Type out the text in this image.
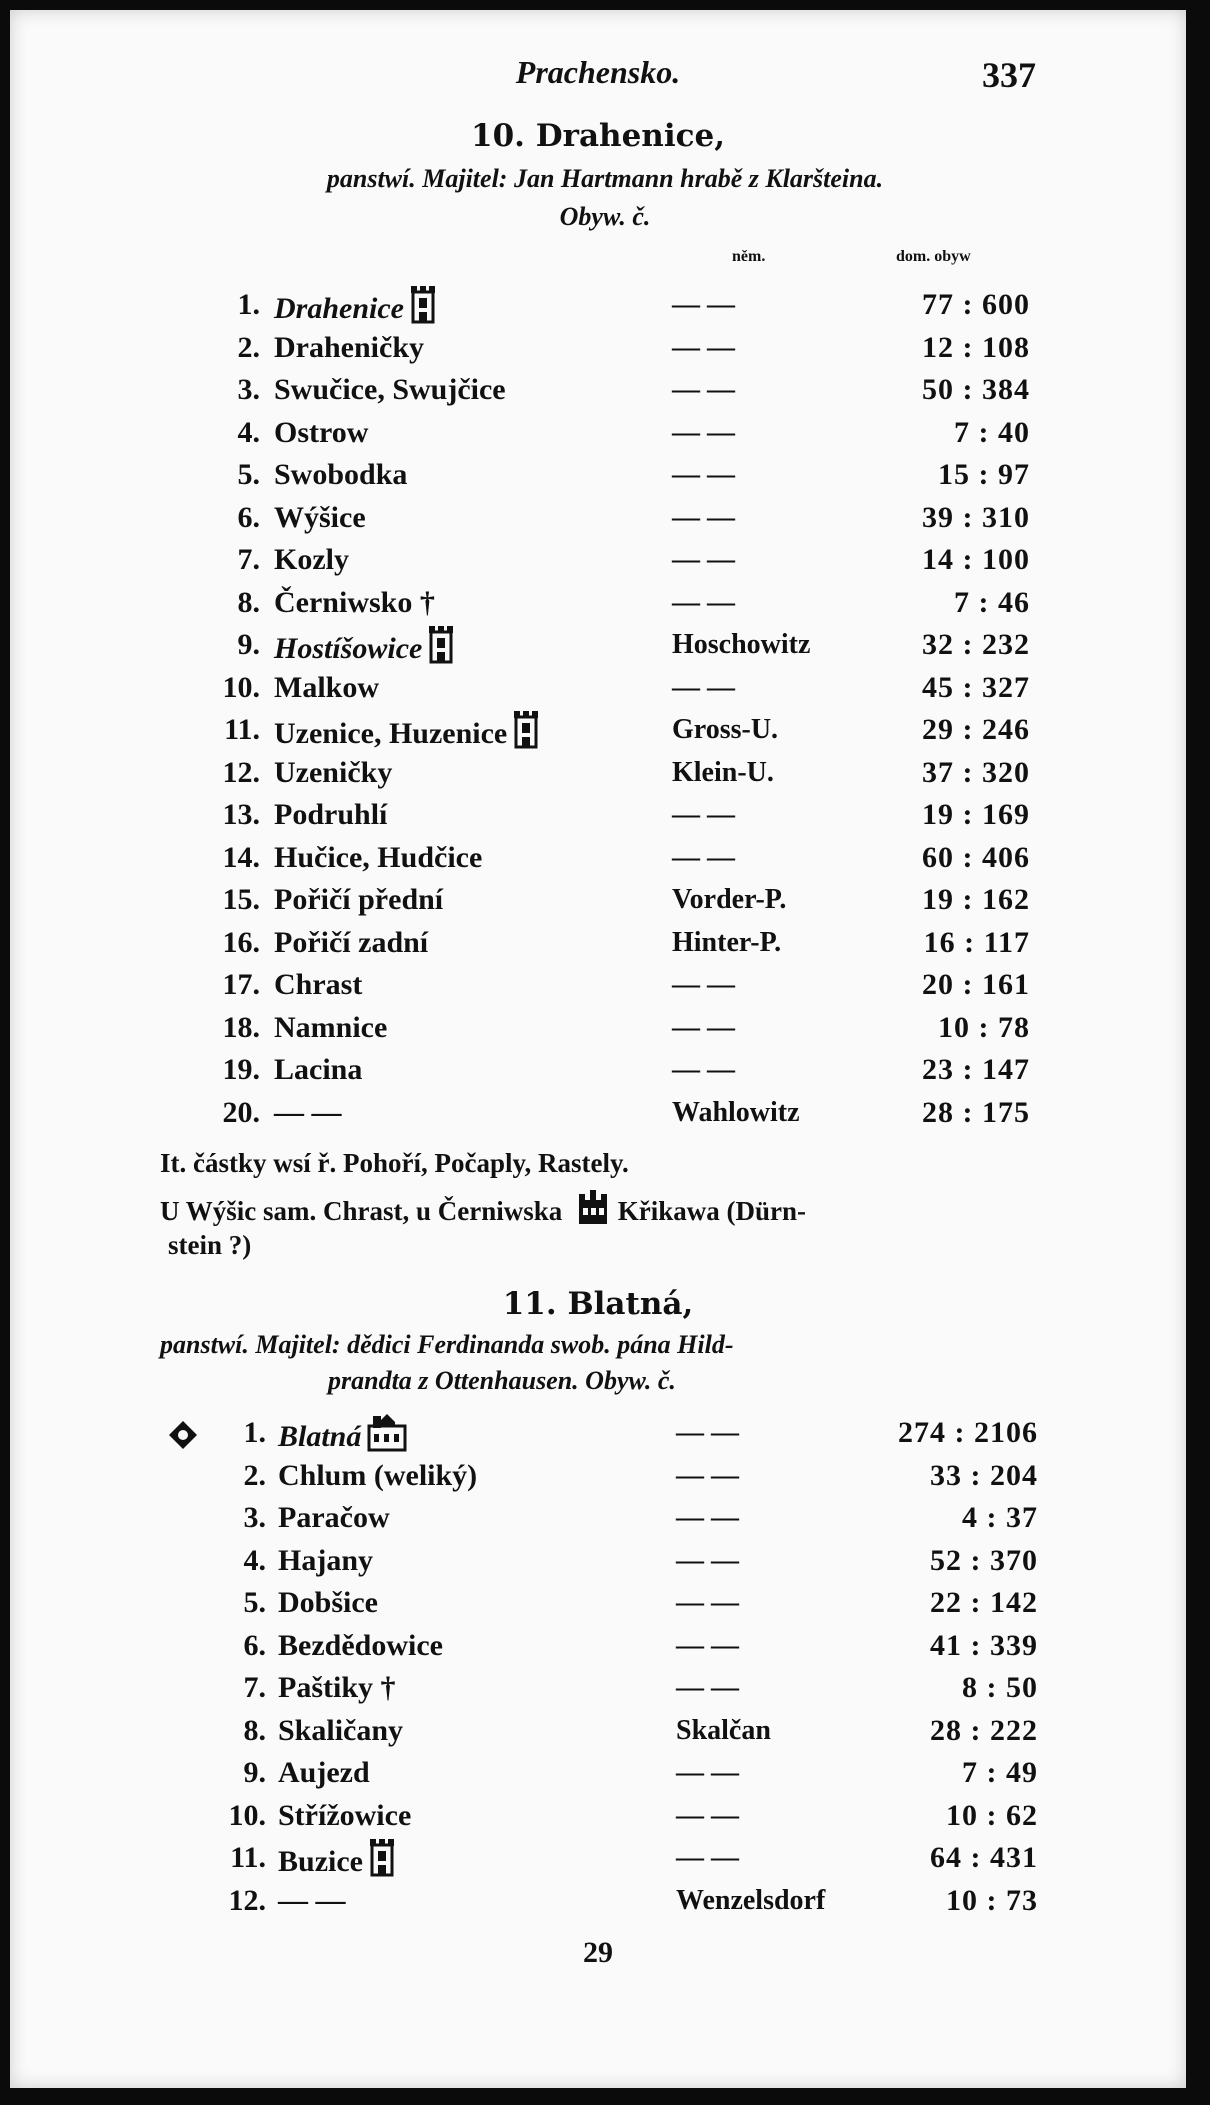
Prachensko.	337
10. Drahenice,
panstwí. Majitel: Jan Hartmann hrabě z Klaršteina.
Obyw. č.
něm.	dom. obyw
1. Drahenice	— —	77 : 600
2. Draheničky	— —	12 : 108
3. Swučice, Swujčice	— —	50 : 384
4. Ostrow	— —	7 : 40
5. Swobodka	— —	15 : 97
6. Wýšice	— —	39 : 310
7. Kozly	— —	14 : 100
8. Černiwsko †	— —	7 : 46
9. Hostíšowice	Hoschowitz	32 : 232
10. Malkow	— —	45 : 327
11. Uzenice, Huzenice	Gross-U.	29 : 246
12. Uzeničky	Klein-U.	37 : 320
13. Podruhlí	— —	19 : 169
14. Hučice, Hudčice	— —	60 : 406
15. Pořičí přední	Vorder-P.	19 : 162
16. Pořičí zadní	Hinter-P.	16 : 117
17. Chrast	— —	20 : 161
18. Namnice	— —	10 : 78
19. Lacina	— —	23 : 147
20. — —	Wahlowitz	28 : 175
It. částky wsí ř. Pohoří, Počaply, Rastely.
U Wýšic sam. Chrast, u Černiwska Křikawa (Dürn-
stein ?)
11. Blatná,
panstwí. Majitel: dědici Ferdinanda swob. pána Hild-
prandta z Ottenhausen. Obyw. č.
1. Blatná	— —	274 : 2106
2. Chlum (weliký)	— —	33 : 204
3. Paračow	— —	4 : 37
4. Hajany	— —	52 : 370
5. Dobšice	— —	22 : 142
6. Bezdědowice	— —	41 : 339
7. Paštiky †	— —	8 : 50
8. Skaličany	Skalčan	28 : 222
9. Aujezd	— —	7 : 49
10. Střížowice	— —	10 : 62
11. Buzice	— —	64 : 431
12. — —	Wenzelsdorf	10 : 73
29
